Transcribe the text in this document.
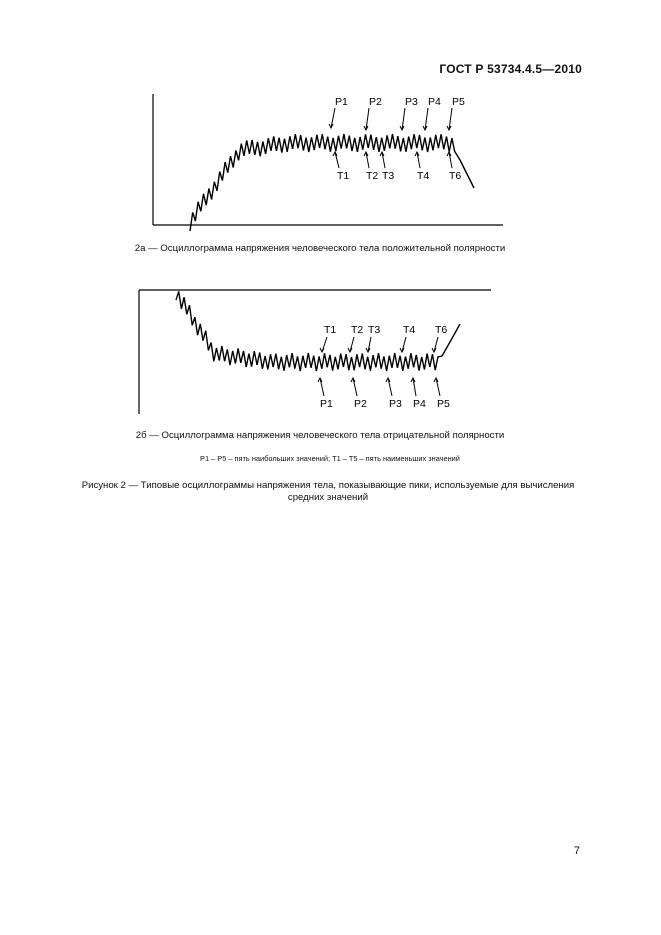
ГОСТ Р 53734.4.5—2010
P1 P2 P3 P4 P5
T1 T2 T3 T4 T6
2а — Осциллограмма напряжения человеческого тела положительной полярности
T1 T2 T3 T4 T6
P1 P2 P3 P4 P5
2б — Осциллограмма напряжения человеческого тела отрицательной полярности
P1 – P5 – пять наибольших значений; T1 – T5 – пять наименьших значений
Рисунок 2 — Типовые осциллограммы напряжения тела, показывающие пики, используемые для вычисления средних значений
7
